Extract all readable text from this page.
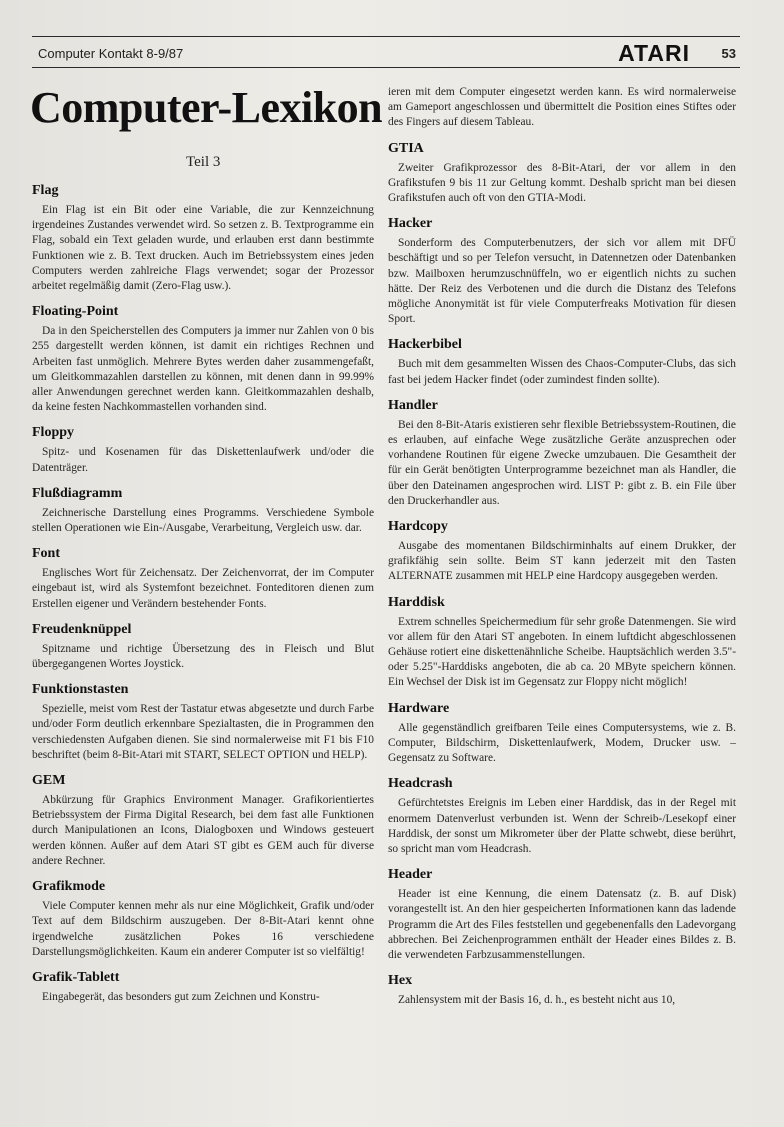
Computer Kontakt 8-9/87	ATARI 53
Computer-Lexikon
Teil 3
Flag

Ein Flag ist ein Bit oder eine Variable, die zur Kennzeichnung irgendeines Zustandes verwendet wird. So setzen z. B. Textprogramme ein Flag, sobald ein Text geladen wurde, und erlauben erst dann bestimmte Funktionen wie z. B. Text drucken. Auch im Betriebssystem eines jeden Computers werden zahlreiche Flags verwendet; sogar der Prozessor arbeitet regelmäßig damit (Zero-Flag usw.).

Floating-Point

Da in den Speicherstellen des Computers ja immer nur Zahlen von 0 bis 255 dargestellt werden können, ist damit ein richtiges Rechnen und Arbeiten fast unmöglich. Mehrere Bytes werden daher zusammengefaßt, um Gleitkommazahlen darstellen zu können, mit denen dann in 99.99% aller Anwendungen gerechnet werden kann. Gleitkommazahlen deshalb, da keine festen Nachkommastellen vorhanden sind.

Floppy

Spitz- und Kosenamen für das Diskettenlaufwerk und/oder die Datenträger.

Flußdiagramm

Zeichnerische Darstellung eines Programms. Verschiedene Symbole stellen Operationen wie Ein-/Ausgabe, Verarbeitung, Vergleich usw. dar.

Font

Englisches Wort für Zeichensatz. Der Zeichenvorrat, der im Computer eingebaut ist, wird als Systemfont bezeichnet. Fonteditoren dienen zum Erstellen eigener und Verändern bestehender Fonts.

Freudenknüppel

Spitzname und richtige Übersetzung des in Fleisch und Blut übergegangenen Wortes Joystick.

Funktionstasten

Spezielle, meist vom Rest der Tastatur etwas abgesetzte und durch Farbe und/oder Form deutlich erkennbare Spezialtasten, die in Programmen den verschiedensten Aufgaben dienen. Sie sind normalerweise mit F1 bis F10 beschriftet (beim 8-Bit-Atari mit START, SELECT OPTION und HELP).

GEM

Abkürzung für Graphics Environment Manager. Grafikorientiertes Betriebssystem der Firma Digital Research, bei dem fast alle Funktionen durch Manipulationen an Icons, Dialogboxen und Windows gesteuert werden können. Außer auf dem Atari ST gibt es GEM auch für diverse andere Rechner.

Grafikmode

Viele Computer kennen mehr als nur eine Möglichkeit, Grafik und/oder Text auf dem Bildschirm auszugeben. Der 8-Bit-Atari kennt ohne irgendwelche zusätzlichen Pokes 16 verschiedene Darstellungsmöglichkeiten. Kaum ein anderer Computer ist so vielfältig!

Grafik-Tablett

Eingabegerät, das besonders gut zum Zeichnen und Konstru-

ieren mit dem Computer eingesetzt werden kann. Es wird normalerweise am Gameport angeschlossen und übermittelt die Position eines Stiftes oder des Fingers auf diesem Tableau.

GTIA

Zweiter Grafikprozessor des 8-Bit-Atari, der vor allem in den Grafikstufen 9 bis 11 zur Geltung kommt. Deshalb spricht man bei diesen Grafikstufen auch oft von den GTIA-Modi.

Hacker

Sonderform des Computerbenutzers, der sich vor allem mit DFÜ beschäftigt und so per Telefon versucht, in Datennetzen oder Datenbanken bzw. Mailboxen herumzuschnüffeln, wo er eigentlich nichts zu suchen hätte. Der Reiz des Verbotenen und die durch die Distanz des Telefons mögliche Anonymität ist für viele Computerfreaks Motivation für diesen Sport.

Hackerbibel

Buch mit dem gesammelten Wissen des Chaos-Computer-Clubs, das sich fast bei jedem Hacker findet (oder zumindest finden sollte).

Handler

Bei den 8-Bit-Ataris existieren sehr flexible Betriebssystem-Routinen, die es erlauben, auf einfache Wege zusätzliche Geräte anzusprechen oder vorhandene Routinen für eigene Zwecke umzubauen. Die Gesamtheit der für ein Gerät benötigten Unterprogramme bezeichnet man als Handler, die über den Dateinamen angesprochen wird. LIST P: gibt z. B. ein File über den Druckerhandler aus.

Hardcopy

Ausgabe des momentanen Bildschirminhalts auf einem Drukker, der grafikfähig sein sollte. Beim ST kann jederzeit mit den Tasten ALTERNATE zusammen mit HELP eine Hardcopy ausgegeben werden.

Harddisk

Extrem schnelles Speichermedium für sehr große Datenmengen. Sie wird vor allem für den Atari ST angeboten. In einem luftdicht abgeschlossenen Gehäuse rotiert eine diskettenähnliche Scheibe. Hauptsächlich werden 3.5"- oder 5.25"-Harddisks angeboten, die ab ca. 20 MByte speichern können. Ein Wechsel der Disk ist im Gegensatz zur Floppy nicht möglich!

Hardware

Alle gegenständlich greifbaren Teile eines Computersystems, wie z. B. Computer, Bildschirm, Diskettenlaufwerk, Modem, Drucker usw. – Gegensatz zu Software.

Headcrash

Gefürchtetstes Ereignis im Leben einer Harddisk, das in der Regel mit enormem Datenverlust verbunden ist. Wenn der Schreib-/Lesekopf einer Harddisk, der sonst um Mikrometer über der Platte schwebt, diese berührt, so spricht man vom Headcrash.

Header

Header ist eine Kennung, die einem Datensatz (z. B. auf Disk) vorangestellt ist. An den hier gespeicherten Informationen kann das ladende Programm die Art des Files feststellen und gegebenenfalls den Ladevorgang abbrechen. Bei Zeichenprogrammen enthält der Header eines Bildes z. B. die verwendeten Farbzusammenstellungen.

Hex

Zahlensystem mit der Basis 16, d. h., es besteht nicht aus 10,
